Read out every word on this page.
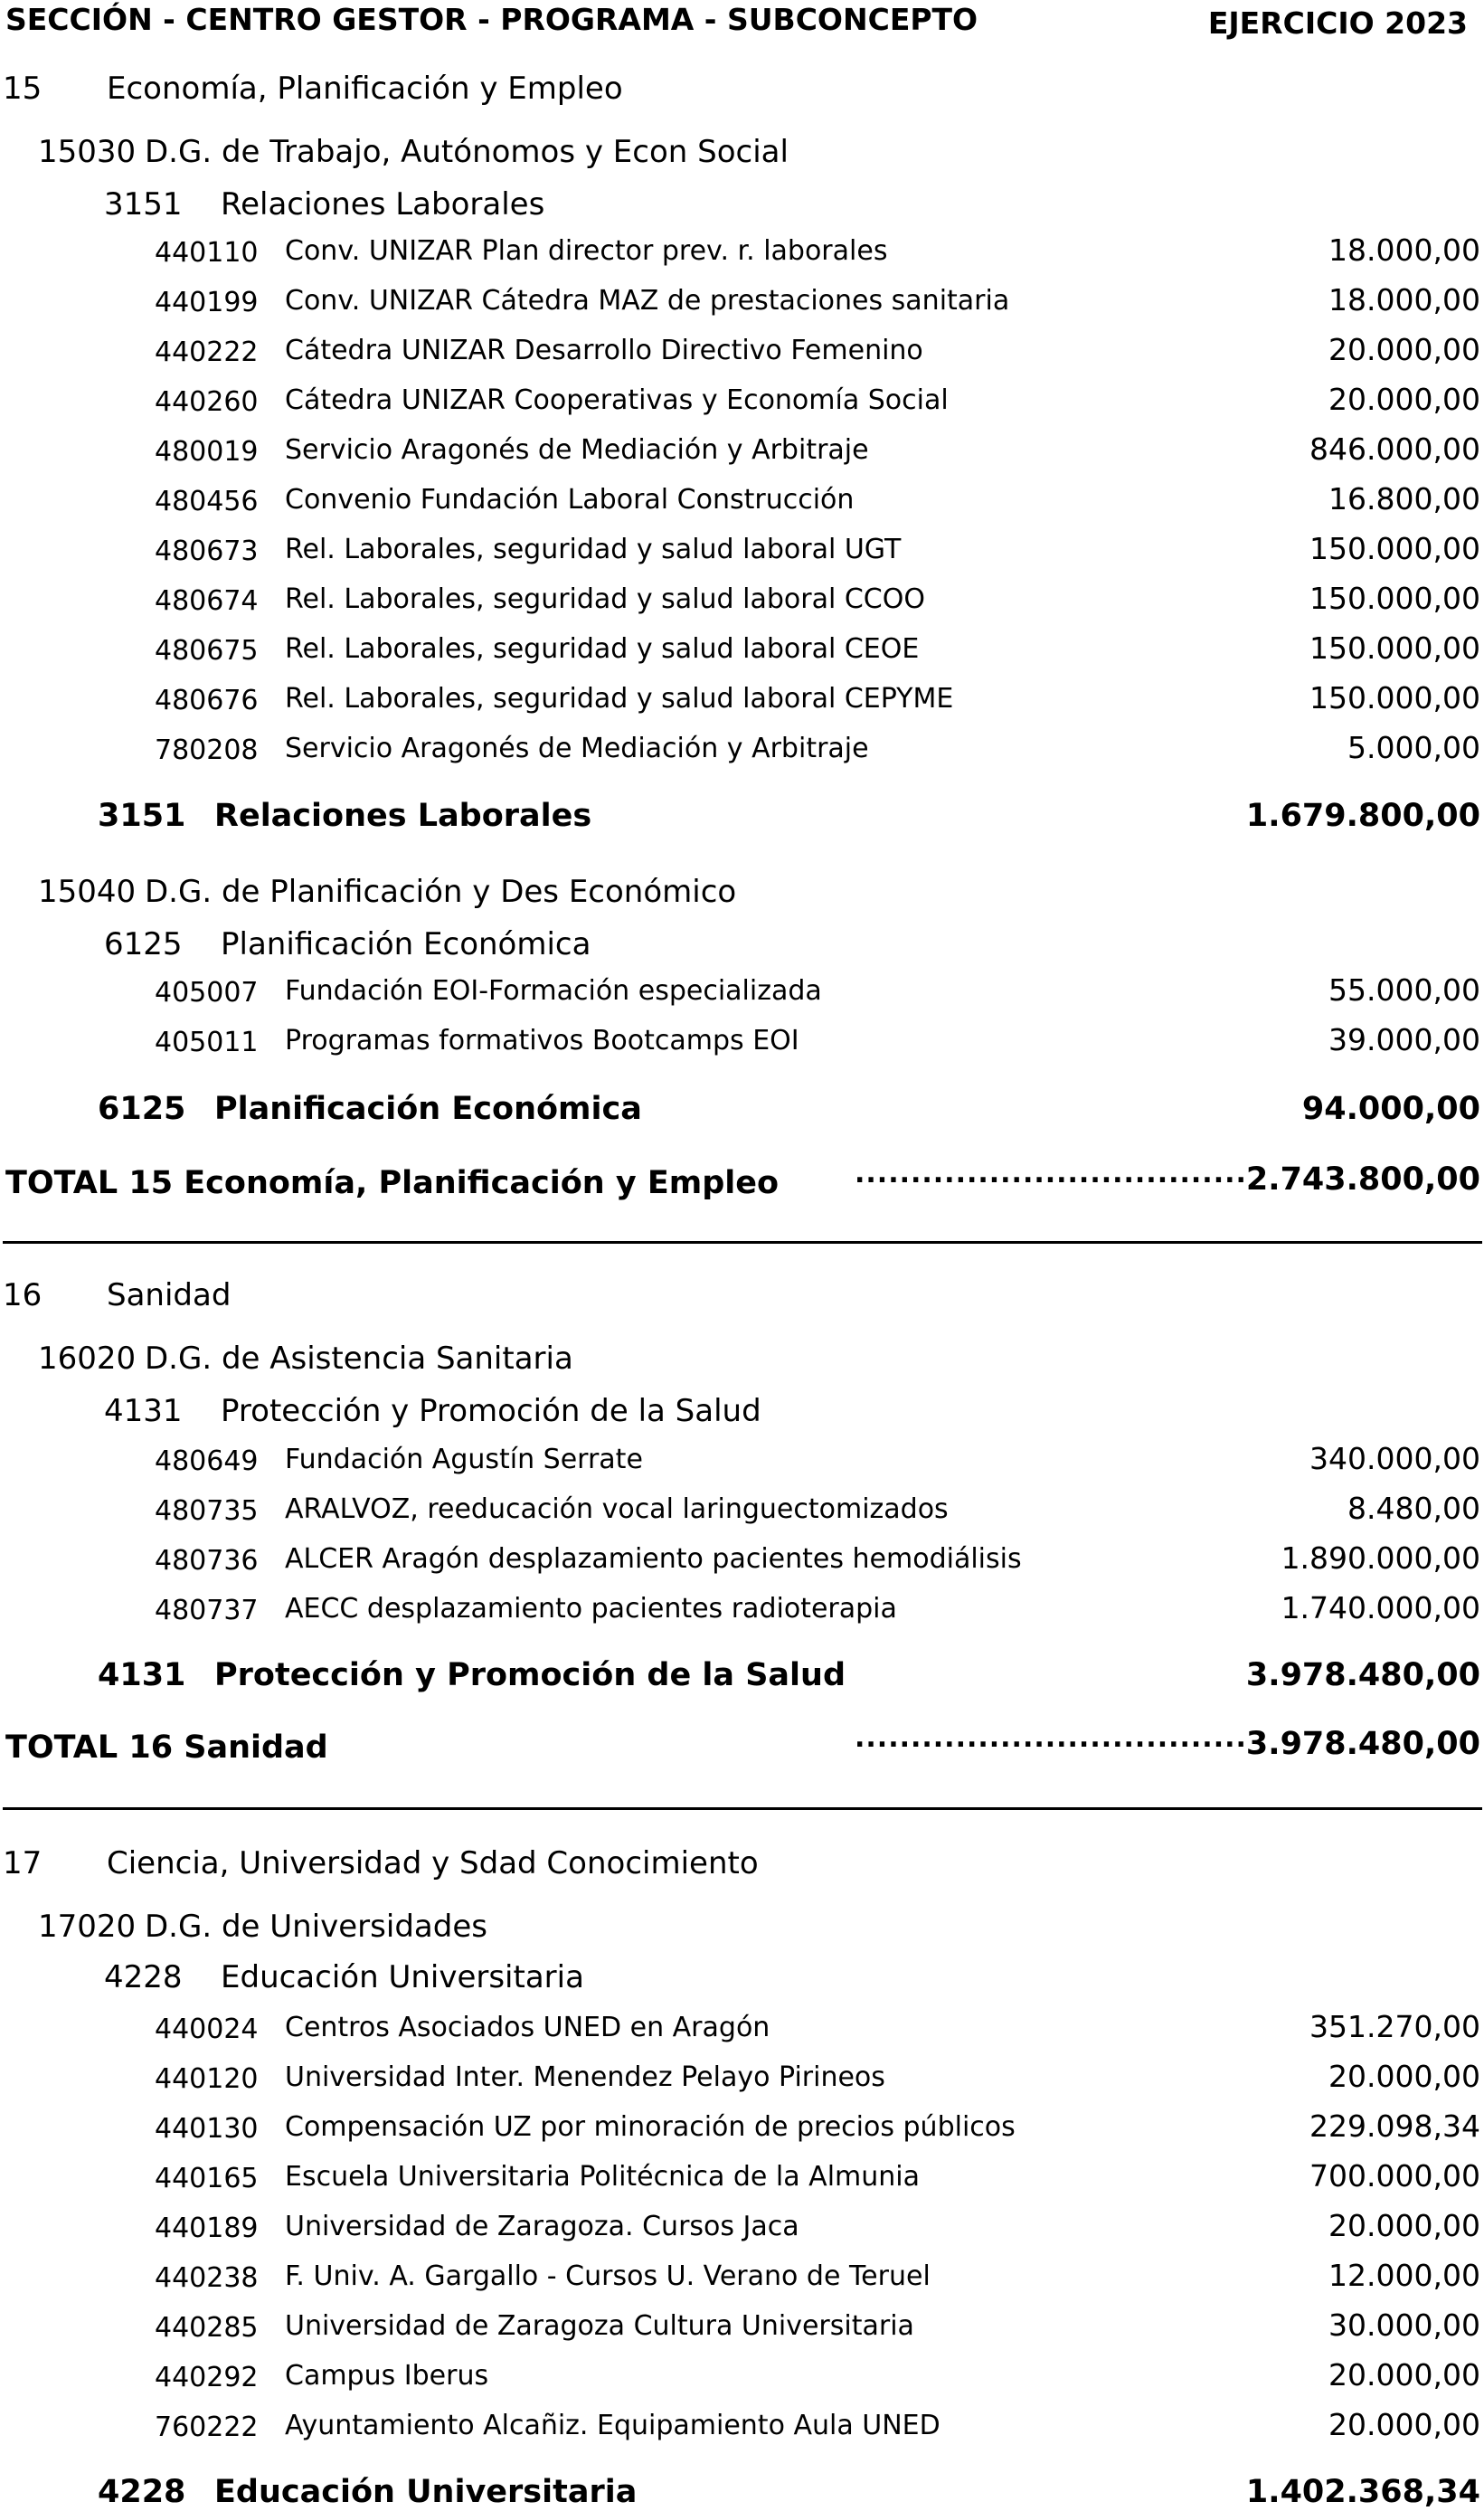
SECCIÓN - CENTRO GESTOR - PROGRAMA - SUBCONCEPTO	EJERCICIO 2023
15 Economía, Planificación y Empleo
15030 D.G. de Trabajo, Autónomos y Econ Social
3151 Relaciones Laborales
440110 Conv. UNIZAR Plan director prev. r. laborales	18.000,00
440199 Conv. UNIZAR Cátedra MAZ de prestaciones sanitaria	18.000,00
440222 Cátedra UNIZAR Desarrollo Directivo Femenino	20.000,00
440260 Cátedra UNIZAR Cooperativas y Economía Social	20.000,00
480019 Servicio Aragonés de Mediación y Arbitraje	846.000,00
480456 Convenio Fundación Laboral Construcción	16.800,00
480673 Rel. Laborales, seguridad y salud laboral UGT	150.000,00
480674 Rel. Laborales, seguridad y salud laboral CCOO	150.000,00
480675 Rel. Laborales, seguridad y salud laboral CEOE	150.000,00
480676 Rel. Laborales, seguridad y salud laboral CEPYME	150.000,00
780208 Servicio Aragonés de Mediación y Arbitraje	5.000,00
3151 Relaciones Laborales	1.679.800,00
15040 D.G. de Planificación y Des Económico
6125 Planificación Económica
405007 Fundación EOI-Formación especializada	55.000,00
405011 Programas formativos Bootcamps EOI	39.000,00
6125 Planificación Económica	94.000,00
TOTAL 15 Economía, Planificación y Empleo	................................... 2.743.800,00
16 Sanidad
16020 D.G. de Asistencia Sanitaria
4131 Protección y Promoción de la Salud
480649 Fundación Agustín Serrate	340.000,00
480735 ARALVOZ, reeducación vocal laringuectomizados	8.480,00
480736 ALCER Aragón desplazamiento pacientes hemodiálisis	1.890.000,00
480737 AECC desplazamiento pacientes radioterapia	1.740.000,00
4131 Protección y Promoción de la Salud	3.978.480,00
TOTAL 16 Sanidad	................................... 3.978.480,00
17 Ciencia, Universidad y Sdad Conocimiento
17020 D.G. de Universidades
4228 Educación Universitaria
440024 Centros Asociados UNED en Aragón	351.270,00
440120 Universidad Inter. Menendez Pelayo Pirineos	20.000,00
440130 Compensación UZ por minoración de precios públicos	229.098,34
440165 Escuela Universitaria Politécnica de la Almunia	700.000,00
440189 Universidad de Zaragoza. Cursos Jaca	20.000,00
440238 F. Univ. A. Gargallo - Cursos U. Verano de Teruel	12.000,00
440285 Universidad de Zaragoza Cultura Universitaria	30.000,00
440292 Campus Iberus	20.000,00
760222 Ayuntamiento Alcañiz. Equipamiento Aula UNED	20.000,00
4228 Educación Universitaria	1.402.368,34
